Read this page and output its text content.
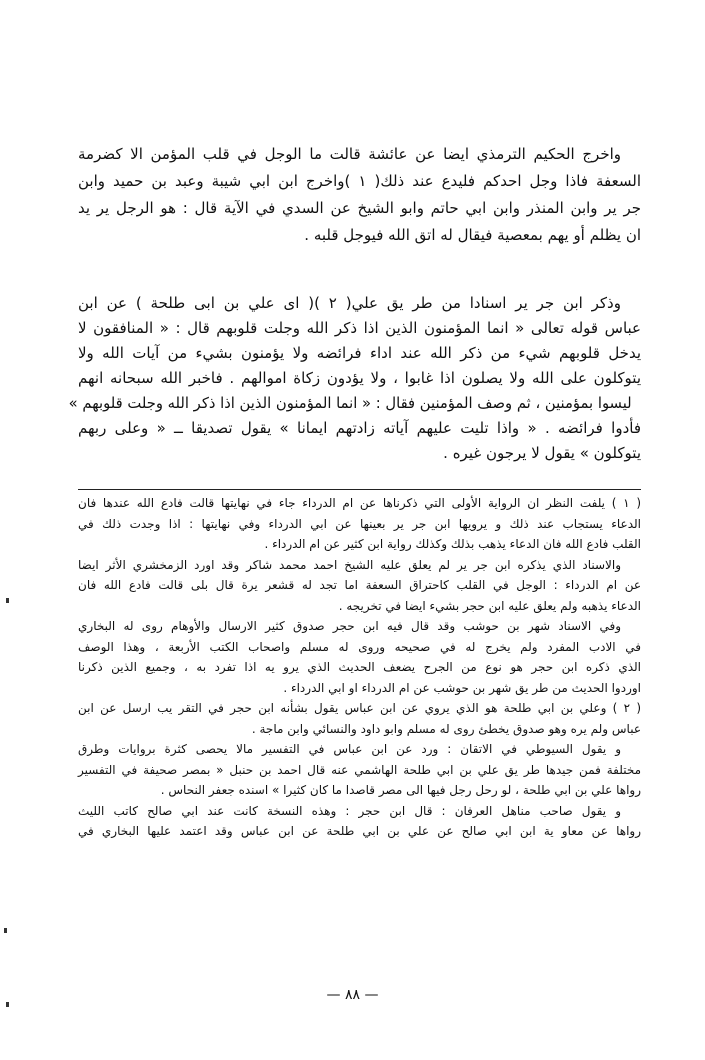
واخرج الحكيم الترمذي ايضا عن عائشة قالت ما الوجل في قلب المؤمن الا كضرمة
السعفة فاذا وجل احدكم فليدع عند ذلك( ١ )واخرج ابن ابي شيبة وعبد بن حميد وابن
جر ير وابن المنذر وابن ابي حاتم وابو الشيخ عن السدي في الآية قال : هو الرجل ير يد
ان يظلم أو يهم بمعصية فيقال له اتق الله فيوجل قلبه .
وذكر ابن جر ير اسنادا من طر يق علي( ٢ )( اى علي بن ابى طلحة ) عن ابن
عباس قوله تعالى « انما المؤمنون الذين اذا ذكر الله وجلت قلوبهم قال : « المنافقون لا
يدخل قلوبهم شيء من ذكر الله عند اداء فرائضه ولا يؤمنون بشيء من آيات الله ولا
يتوكلون على الله ولا يصلون اذا غابوا ، ولا يؤدون زكاة اموالهم . فاخبر الله سبحانه انهم
ليسوا بمؤمنين ، ثم وصف المؤمنين فقال : « انما المؤمنون الذين اذا ذكر الله وجلت قلوبهم »
فأدوا فرائضه . « واذا تليت عليهم آياته زادتهم ايمانا » يقول تصديقا ــ « وعلى ربهم
يتوكلون » يقول لا يرجون غيره .
( ١ ) يلفت النظر ان الرواية الأولى التي ذكرناها عن ام الدرداء جاء في نهايتها قالت فادع الله عندها فان
الدعاء يستجاب عند ذلك و يرويها ابن جر ير بعينها عن ابي الدرداء وفي نهايتها : اذا وجدت ذلك في
القلب فادع الله فان الدعاء يذهب بذلك وكذلك رواية ابن كثير عن ام الدرداء .
والاسناد الذي يذكره ابن جر ير لم يعلق عليه الشيخ احمد محمد شاكر وقد اورد الزمخشري الأثر ايضا
عن ام الدرداء : الوجل في القلب كاحتراق السعفة اما تجد له قشعر يرة قال بلى قالت فادع الله فان
الدعاء يذهبه ولم يعلق عليه ابن حجر بشيء ايضا في تخريجه .
وفي الاسناد شهر بن حوشب وقد قال فيه ابن حجر صدوق كثير الارسال والأوهام روى له البخاري
في الادب المفرد ولم يخرج له في صحيحه وروى له مسلم واصحاب الكتب الأربعة ، وهذا الوصف
الذي ذكره ابن حجر هو نوع من الجرح يضعف الحديث الذي يرو يه اذا تفرد به ، وجميع الذين ذكرنا
اوردوا الحديث من طر يق شهر بن حوشب عن ام الدرداء او ابي الدرداء .
( ٢ ) وعلي بن ابي طلحة هو الذي يروي عن ابن عباس يقول بشأنه ابن حجر في التقر يب ارسل عن ابن
عباس ولم يره وهو صدوق يخطئ روى له مسلم وابو داود والنسائي وابن ماجة .
و يقول السيوطي في الاتقان : ورد عن ابن عباس في التفسير مالا يحصى كثرة بروايات وطرق
مختلفة فمن جيدها طر يق علي بن ابي طلحة الهاشمي عنه قال احمد بن حنبل « بمصر صحيفة في التفسير
رواها علي بن ابي طلحة ، لو رحل رجل فيها الى مصر قاصدا ما كان كثيرا » اسنده جعفر النحاس .
و يقول صاحب مناهل العرفان : قال ابن حجر : وهذه النسخة كانت عند ابي صالح كاتب الليث
رواها عن معاو ية ابن ابي صالح عن علي بن ابي طلحة عن ابن عباس وقد اعتمد عليها البخاري في
— ٨٨ —
